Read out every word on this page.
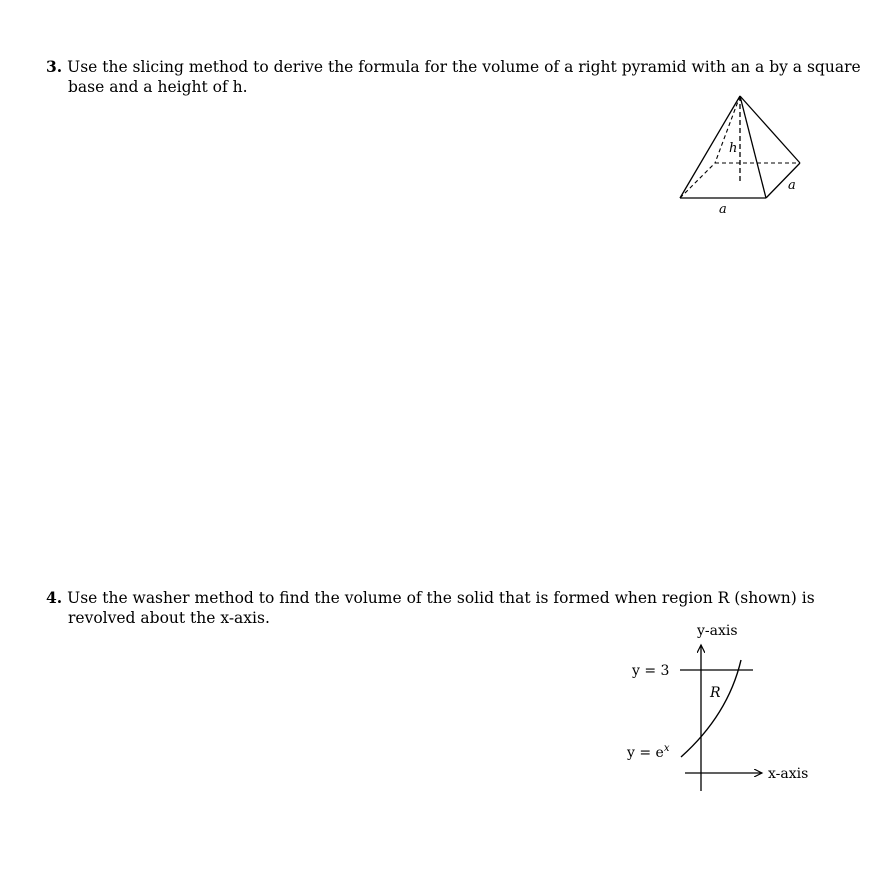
3. Use the slicing method to derive the formula for the volume of a right pyramid with an a by a square
base and a height of h.
h
a
a
4. Use the washer method to find the volume of the solid that is formed when region R (shown) is
revolved about the x-axis.
y-axis
x-axis
y = 3
$y = e^x$
R
